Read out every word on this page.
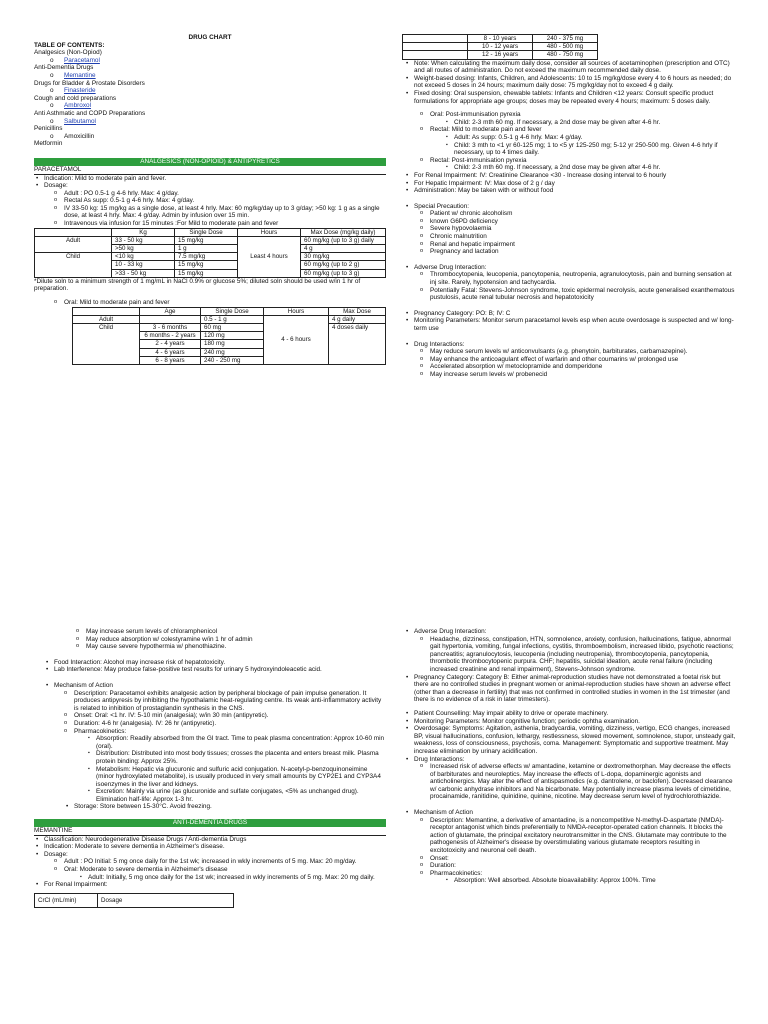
DRUG CHART
TABLE OF CONTENTS:
Analgesics (Non-Opiod)
o Paracetamol
Anti-Dementia Drugs
o Memantine
Drugs for Bladder & Prostate Disorders
o Finasteride
Cough and cold preparations
o Ambroxol
Anti Asthmatic and COPD Preparations
o Salbutamol
Penicillins
o Amoxicillin
Metformin
ANALGESICS (NON-OPIOID) & ANTIPYRETICS
PARACETAMOL
• Indication: Mild to moderate pain and fever.
• Dosage:
o Adult : PO 0.5-1 g 4-6 hrly. Max: 4 g/day.
o Rectal As supp: 0.5-1 g 4-6 hrly. Max: 4 g/day.
o IV 33-50 kg: 15 mg/kg as a single dose, at least 4 hrly. Max: 60 mg/kg/day up to 3 g/day; >50 kg: 1 g as a single dose, at least 4 hrly. Max: 4 g/day. Admin by infusion over 15 min.
o Intravenous via infusion for 15 minutes :For Mild to moderate pain and fever
	Kg	Single Dose	Hours	Max Dose (mg/kg daily)
Adult	33 - 50 kg	15 mg/kg	Least 4 hours	60 mg/kg (up to 3 g) daily
	>50 kg	1 g		4 g
Child	<10 kg	7.5 mg/kg		30 mg/kg
	10 - 33 kg	15 mg/kg		60 mg/kg (up to 2 g)
	>33 - 50 kg	15 mg/kg		60 mg/kg (up to 3 g)
*Dilute soln to a minimum strength of 1 mg/mL in NaCl 0.9% or glucose 5%; diluted soln should be used w/in 1 hr of preparation.
o Oral: Mild to moderate pain and fever
	Age	Single Dose	Hours	Max Dose
Adult		0.5 - 1 g	4 - 6 hours	4 g daily
Child	3 - 6 months	60 mg		4 doses daily
	6 months - 2 years	120 mg		
	2 - 4 years	180 mg		
	4 - 6 years	240 mg		
	6 - 8 years	240 - 250 mg		
	8 - 10 years	240 - 375 mg
	10 - 12 years	480 - 500 mg
	12 - 16 years	480 - 750 mg
• Note: When calculating the maximum daily dose, consider all sources of acetaminophen (prescription and OTC) and all routes of administration. Do not exceed the maximum recommended daily dose.
• Weight-based dosing: Infants, Children, and Adolescents: 10 to 15 mg/kg/dose every 4 to 6 hours as needed; do not exceed 5 doses in 24 hours; maximum daily dose: 75 mg/kg/day not to exceed 4 g daily.
• Fixed dosing: Oral suspension, chewable tablets: Infants and Children <12 years: Consult specific product formulations for appropriate age groups; doses may be repeated every 4 hours; maximum: 5 doses daily.
o Oral: Post-immunisation pyrexia
▪ Child: 2-3 mth 60 mg. If necessary, a 2nd dose may be given after 4-6 hr.
o Rectal: Mild to moderate pain and fever
▪ Adult: As supp: 0.5-1 g 4-6 hrly. Max: 4 g/day.
▪ Child: 3 mth to <1 yr 60-125 mg; 1 to <5 yr 125-250 mg; 5-12 yr 250-500 mg. Given 4-6 hrly if necessary, up to 4 times daily.
o Rectal: Post-immunisation pyrexia
▪ Child: 2-3 mth 60 mg. If necessary, a 2nd dose may be given after 4-6 hr.
• For Renal Impairment: IV: Creatinine Clearance <30 - Increase dosing interval to 6 hourly
• For Hepatic Impairment: IV: Max dose of 2 g / day
• Administration: May be taken with or without food
• Special Precaution:
o Patient w/ chronic alcoholism
o known G6PD deficiency
o Severe hypovolaemia
o Chronic malnutrition
o Renal and hepatic impairment
o Pregnancy and lactation
• Adverse Drug Interaction:
o Thrombocytopenia, leucopenia, pancytopenia, neutropenia, agranulocytosis, pain and burning sensation at inj site. Rarely, hypotension and tachycardia.
o Potentially Fatal: Stevens-Johnson syndrome, toxic epidermal necrolysis, acute generalised exanthematous pustulosis, acute renal tubular necrosis and hepatotoxicity
• Pregnancy Category: PO: B; IV: C
• Monitoring Parameters: Monitor serum paracetamol levels esp when acute overdosage is suspected and w/ long-term use
• Drug Interactions:
o May reduce serum levels w/ anticonvulsants (e.g. phenytoin, barbiturates, carbamazepine).
o May enhance the anticoagulant effect of warfarin and other coumarins w/ prolonged use
o Accelerated absorption w/ metoclopramide and domperidone
o May increase serum levels w/ probenecid
o May increase serum levels of chloramphenicol
o May reduce absorption w/ colestyramine w/in 1 hr of admin
o May cause severe hypothermia w/ phenothiazine.
• Food Interaction: Alcohol may increase risk of hepatotoxicity.
• Lab Interference: May produce false-positive test results for urinary 5 hydroxyindoleacetic acid.
• Mechanism of Action
o Description: Paracetamol exhibits analgesic action by peripheral blockage of pain impulse generation. It produces antipyresis by inhibiting the hypothalamic heat-regulating centre. Its weak anti-inflammatory activity is related to inhibition of prostaglandin synthesis in the CNS.
o Onset: Oral: <1 hr. IV: 5-10 min (analgesia); w/in 30 min (antipyretic).
o Duration: 4-6 hr (analgesia). IV: 26 hr (antipyretic).
o Pharmacokinetics:
▪ Absorption: Readily absorbed from the GI tract. Time to peak plasma concentration: Approx 10-60 min (oral).
▪ Distribution: Distributed into most body tissues; crosses the placenta and enters breast milk. Plasma protein binding: Approx 25%.
▪ Metabolism: Hepatic via glucuronic and sulfuric acid conjugation. N-acetyl-p-benzoquinoneimine (minor hydroxylated metabolite), is usually produced in very small amounts by CYP2E1 and CYP3A4 isoenzymes in the liver and kidneys.
▪ Excretion: Mainly via urine (as glucuronide and sulfate conjugates, <5% as unchanged drug). Elimination half-life: Approx 1-3 hr.
• Storage: Store between 15-30°C. Avoid freezing.
ANTI-DEMENTIA DRUGS
MEMANTINE
• Classification: Neurodegenerative Disease Drugs / Anti-dementia Drugs
• Indication: Moderate to severe dementia in Alzheimer's disease.
• Dosage:
o Adult : PO Initial: 5 mg once daily for the 1st wk; increased in wkly increments of 5 mg. Max: 20 mg/day.
o Oral: Moderate to severe dementia in Alzheimer's disease
▪ Adult: Initially, 5 mg once daily for the 1st wk; increased in wkly increments of 5 mg. Max: 20 mg daily.
• For Renal Impairment:
CrCl (mL/min)	Dosage
• Adverse Drug Interaction:
o Headache, dizziness, constipation, HTN, somnolence, anxiety, confusion, hallucinations, fatigue, abnormal gait hypertonia, vomiting, fungal infections, cystitis, thromboembolism, increased libido, psychotic reactions; pancreatitis; agranulocytosis, leucopenia (including neutropenia), thrombocytopenia, pancytopenia, thrombotic thrombocytopenic purpura. CHF; hepatitis, suicidal ideation, acute renal failure (including increased creatinine and renal impairment), Stevens-Johnson syndrome.
• Pregnancy Category: Category B: Either animal-reproduction studies have not demonstrated a foetal risk but there are no controlled studies in pregnant women or animal-reproduction studies have shown an adverse effect (other than a decrease in fertility) that was not confirmed in controlled studies in women in the 1st trimester (and there is no evidence of a risk in later trimesters).
• Patient Counselling: May impair ability to drive or operate machinery.
• Monitoring Parameters: Monitor cognitive function; periodic ophtha examination.
• Overdosage: Symptoms: Agitation, asthenia, bradycardia, vomiting, dizziness, vertigo, ECG changes, increased BP, visual hallucinations, confusion, lethargy, restlessness, slowed movement, somnolence, stupor, unsteady gait, weakness, loss of consciousness, psychosis, coma. Management: Symptomatic and supportive treatment. May increase elimination by urinary acidification.
• Drug Interactions:
o Increased risk of adverse effects w/ amantadine, ketamine or dextromethorphan. May decrease the effects of barbiturates and neuroleptics. May increase the effects of L-dopa, dopaminergic agonists and anticholinergics. May alter the effect of antispasmodics (e.g. dantrolene, or baclofen). Decreased clearance w/ carbonic anhydrase inhibitors and Na bicarbonate. May potentially increase plasma levels of cimetidine, procainamide, ranitidine, quinidine, quinine, nicotine. May decrease serum level of hydrochlorothiazide.
• Mechanism of Action
o Description: Memantine, a derivative of amantadine, is a noncompetitive N-methyl-D-aspartate (NMDA)-receptor antagonist which binds preferentially to NMDA-receptor-operated cation channels. It blocks the action of glutamate, the principal excitatory neurotransmitter in the CNS. Glutamate may contribute to the pathogenesis of Alzheimer's disease by overstimulating various glutamate receptors resulting in excitotoxicity and neuronal cell death.
o Onset:
o Duration:
o Pharmacokinetics:
▪ Absorption: Well absorbed. Absolute bioavailability: Approx 100%. Time
